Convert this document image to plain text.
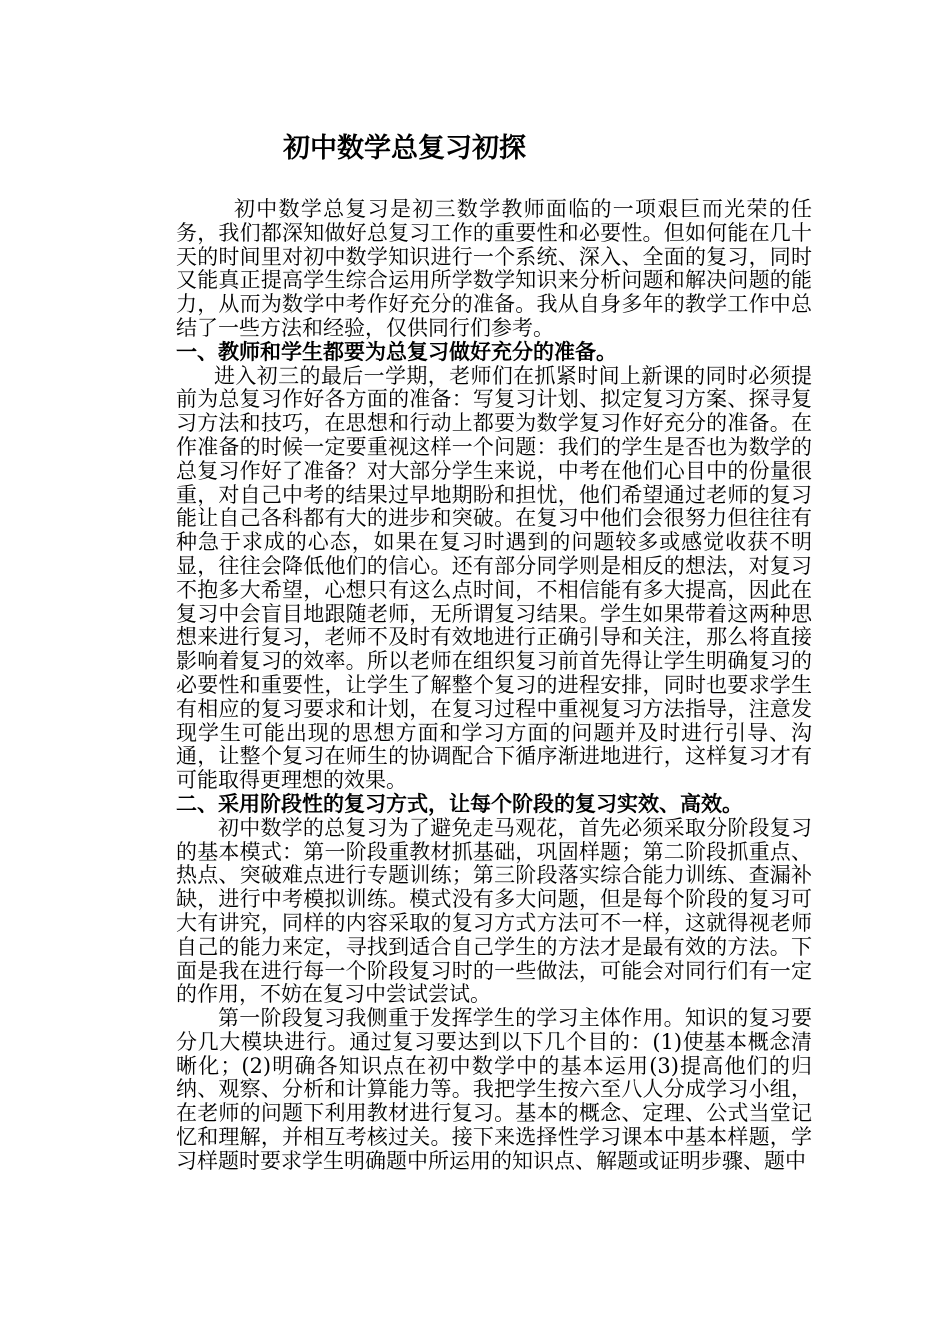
初中数学总复习初探

初中数学总复习是初三数学教师面临的一项艰巨而光荣的任务，我们都深知做好总复习工作的重要性和必要性。但如何能在几十天的时间里对初中数学知识进行一个系统、深入、全面的复习，同时又能真正提高学生综合运用所学数学知识来分析问题和解决问题的能力，从而为数学中考作好充分的准备。我从自身多年的教学工作中总结了一些方法和经验，仅供同行们参考。

一、教师和学生都要为总复习做好充分的准备。

进入初三的最后一学期，老师们在抓紧时间上新课的同时必须提前为总复习作好各方面的准备：写复习计划、拟定复习方案、探寻复习方法和技巧，在思想和行动上都要为数学复习作好充分的准备。在作准备的时候一定要重视这样一个问题：我们的学生是否也为数学的总复习作好了准备？对大部分学生来说，中考在他们心目中的份量很重，对自己中考的结果过早地期盼和担忧，他们希望通过老师的复习能让自己各科都有大的进步和突破。在复习中他们会很努力但往往有种急于求成的心态，如果在复习时遇到的问题较多或感觉收获不明显，往往会降低他们的信心。还有部分同学则是相反的想法，对复习不抱多大希望，心想只有这么点时间，不相信能有多大提高，因此在复习中会盲目地跟随老师，无所谓复习结果。学生如果带着这两种思想来进行复习，老师不及时有效地进行正确引导和关注，那么将直接影响着复习的效率。所以老师在组织复习前首先得让学生明确复习的必要性和重要性，让学生了解整个复习的进程安排，同时也要求学生有相应的复习要求和计划，在复习过程中重视复习方法指导，注意发现学生可能出现的思想方面和学习方面的问题并及时进行引导、沟通，让整个复习在师生的协调配合下循序渐进地进行，这样复习才有可能取得更理想的效果。

二、采用阶段性的复习方式，让每个阶段的复习实效、高效。

初中数学的总复习为了避免走马观花，首先必须采取分阶段复习的基本模式：第一阶段重教材抓基础，巩固样题；第二阶段抓重点、热点、突破难点进行专题训练；第三阶段落实综合能力训练、查漏补缺，进行中考模拟训练。模式没有多大问题，但是每个阶段的复习可大有讲究，同样的内容采取的复习方式方法可不一样，这就得视老师自己的能力来定，寻找到适合自己学生的方法才是最有效的方法。下面是我在进行每一个阶段复习时的一些做法，可能会对同行们有一定的作用，不妨在复习中尝试尝试。

第一阶段复习我侧重于发挥学生的学习主体作用。知识的复习要分几大模块进行。通过复习要达到以下几个目的：(1)使基本概念清晰化；(2)明确各知识点在初中数学中的基本运用(3)提高他们的归纳、观察、分析和计算能力等。我把学生按六至八人分成学习小组，在老师的问题下利用教材进行复习。基本的概念、定理、公式当堂记忆和理解，并相互考核过关。接下来选择性学习课本中基本样题，学习样题时要求学生明确题中所运用的知识点、解题或证明步骤、题中
